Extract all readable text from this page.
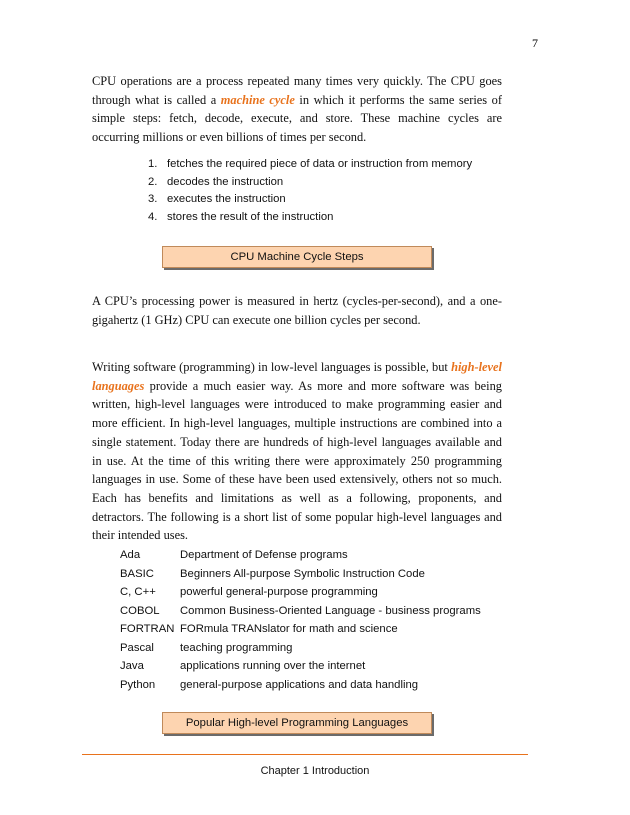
7

CPU operations are a process repeated many times very quickly. The CPU goes through what is called a machine cycle in which it performs the same series of simple steps: fetch, decode, execute, and store. These machine cycles are occurring millions or even billions of times per second.

1. fetches the required piece of data or instruction from memory
2. decodes the instruction
3. executes the instruction
4. stores the result of the instruction
CPU Machine Cycle Steps

A CPU’s processing power is measured in hertz (cycles-per-second), and a one-gigahertz (1 GHz) CPU can execute one billion cycles per second.

Writing software (programming) in low-level languages is possible, but high-level languages provide a much easier way. As more and more software was being written, high-level languages were introduced to make programming easier and more efficient. In high-level languages, multiple instructions are combined into a single statement. Today there are hundreds of high-level languages available and in use. At the time of this writing there were approximately 250 programming languages in use. Some of these have been used extensively, others not so much. Each has benefits and limitations as well as a following, proponents, and detractors. The following is a short list of some popular high-level languages and their intended uses.

Ada	Department of Defense programs
BASIC Beginners All-purpose Symbolic Instruction Code
C, C++ powerful general-purpose programming
COBOL Common Business-Oriented Language - business programs
FORTRAN FORmula TRANslator for math and science
Pascal teaching programming
Java	applications running over the internet
Python general-purpose applications and data handling
Popular High-level Programming Languages
Chapter 1 Introduction
